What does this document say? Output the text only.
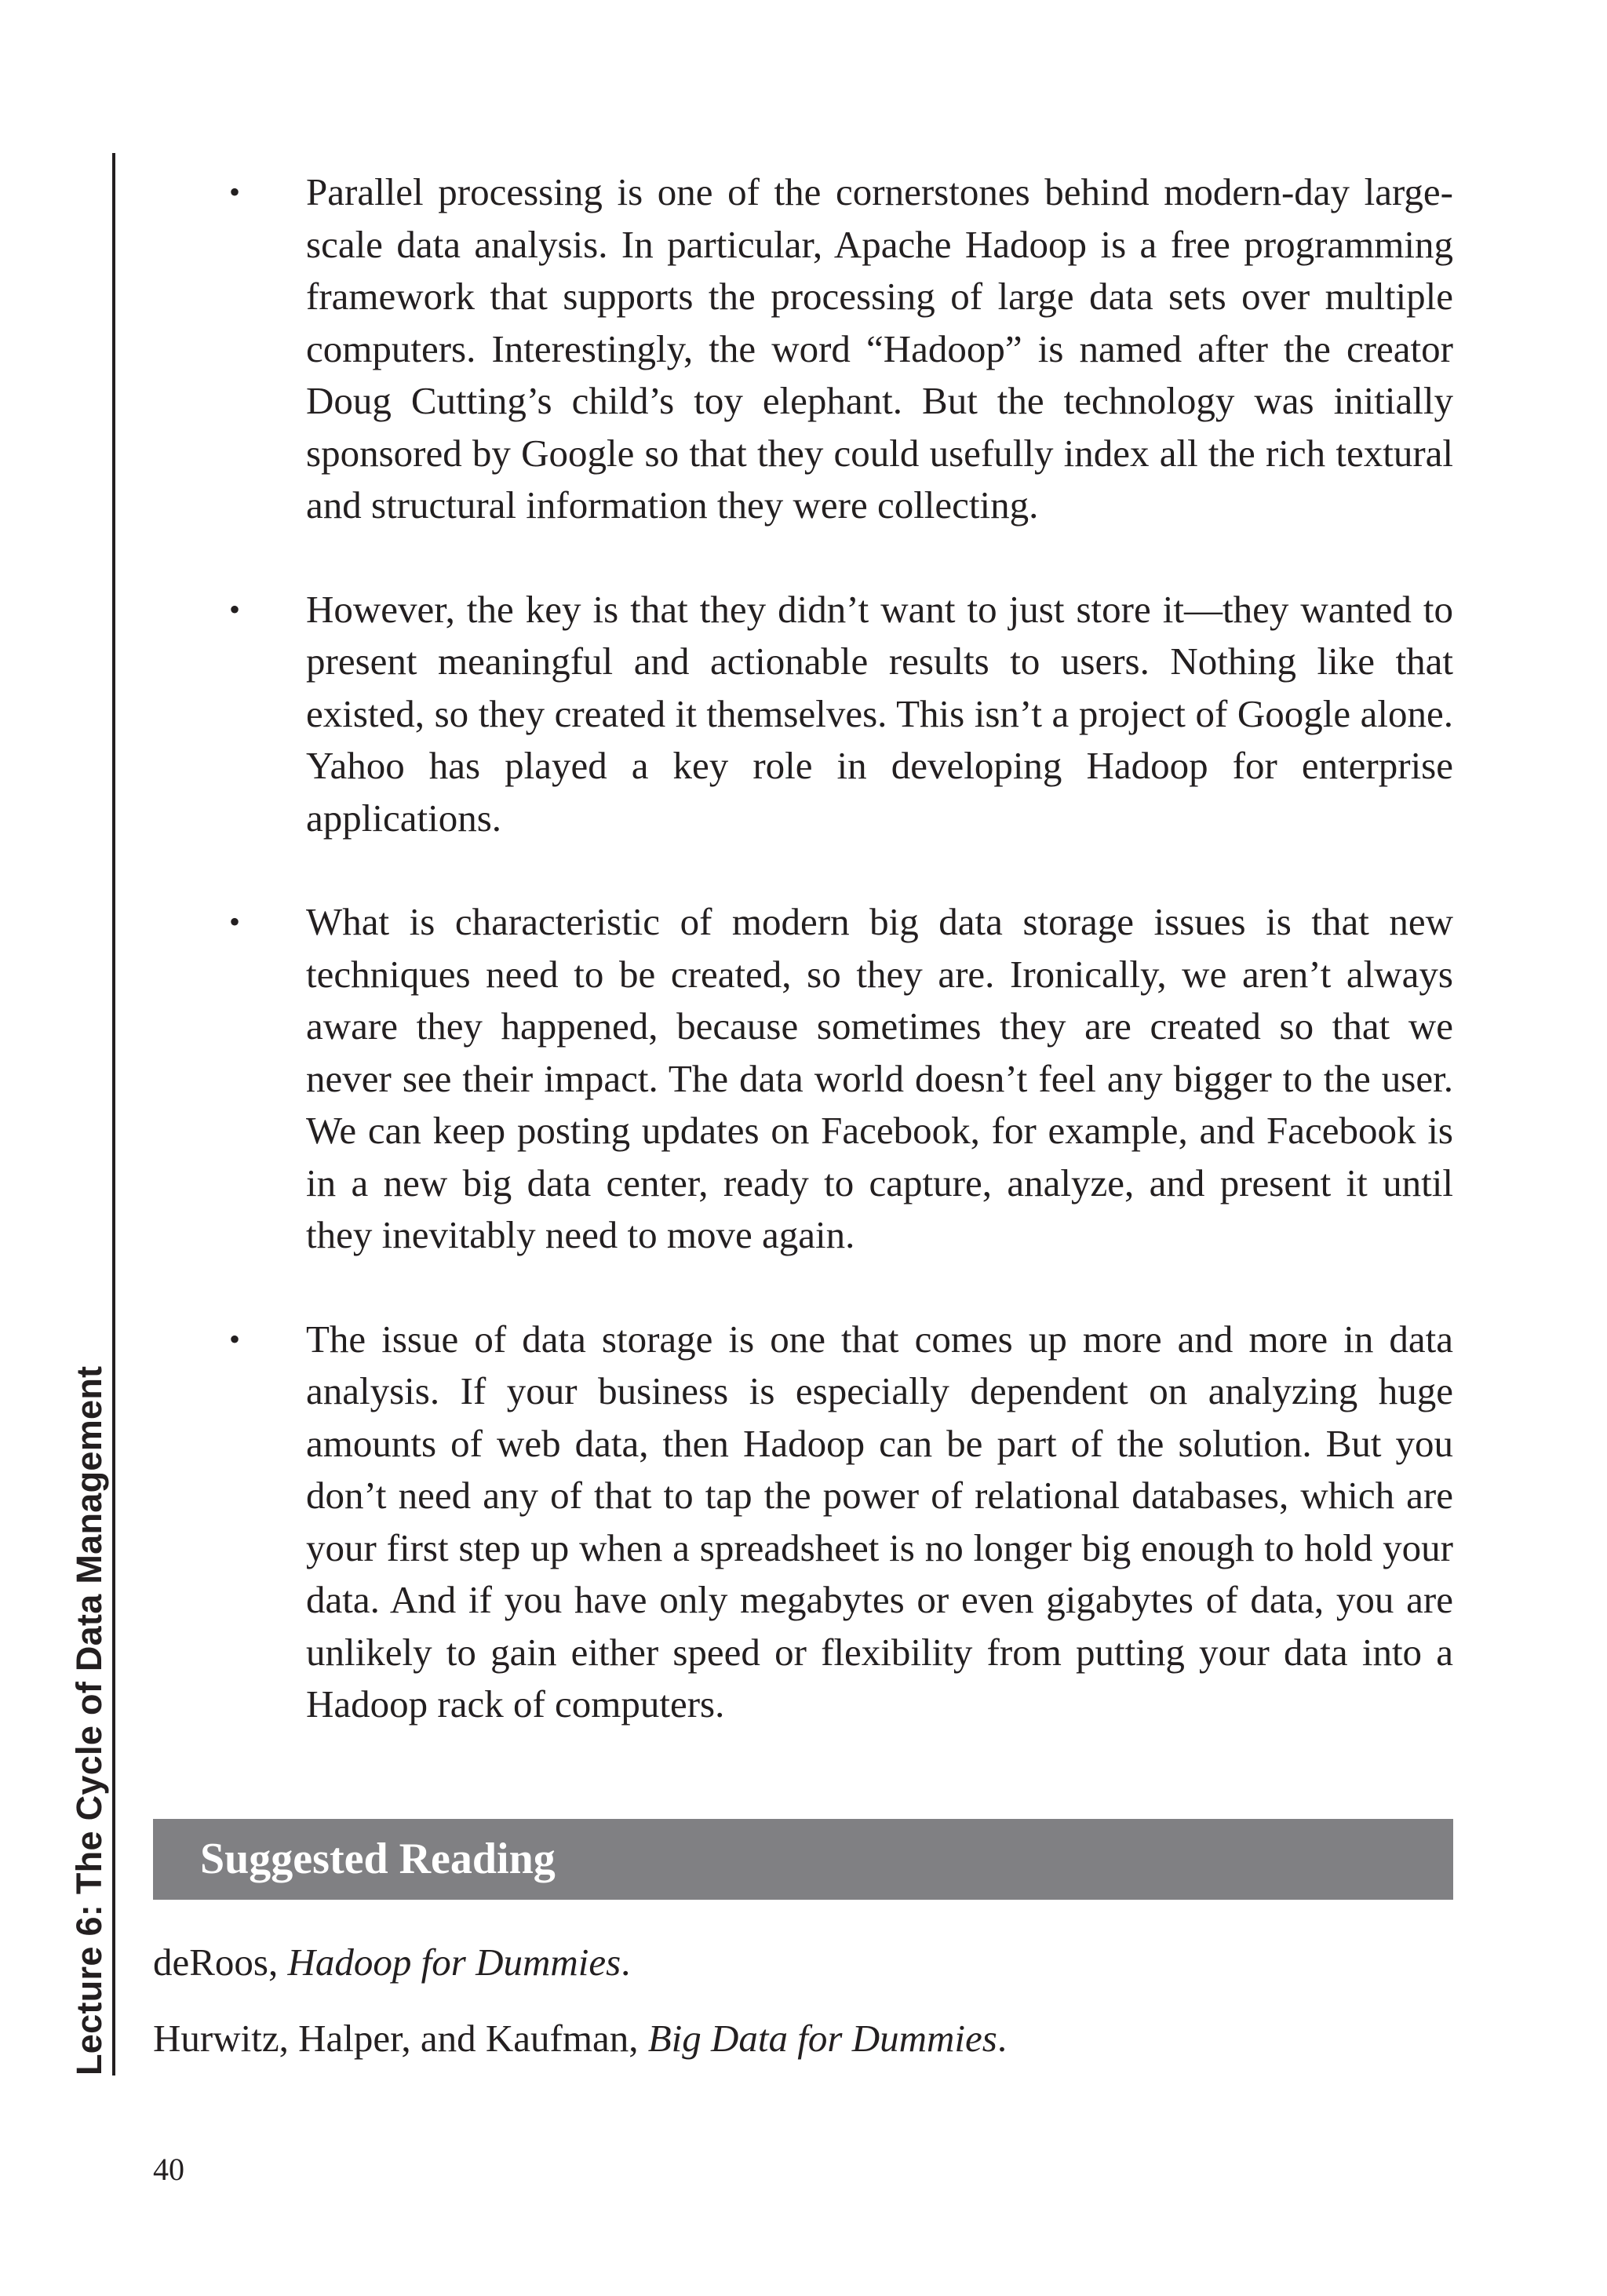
Lecture 6: The Cycle of Data Management
•	Parallel processing is one of the cornerstones behind modern-day large-scale data analysis. In particular, Apache Hadoop is a free programming framework that supports the processing of large data sets over multiple computers. Interestingly, the word “Hadoop” is named after the creator Doug Cutting’s child’s toy elephant. But the technology was initially sponsored by Google so that they could usefully index all the rich textural and structural information they were collecting.
•	However, the key is that they didn’t want to just store it—they wanted to present meaningful and actionable results to users. Nothing like that existed, so they created it themselves. This isn’t a project of Google alone. Yahoo has played a key role in developing Hadoop for enterprise applications.
•	What is characteristic of modern big data storage issues is that new techniques need to be created, so they are. Ironically, we aren’t always aware they happened, because sometimes they are created so that we never see their impact. The data world doesn’t feel any bigger to the user. We can keep posting updates on Facebook, for example, and Facebook is in a new big data center, ready to capture, analyze, and present it until they inevitably need to move again.
•	The issue of data storage is one that comes up more and more in data analysis. If your business is especially dependent on analyzing huge amounts of web data, then Hadoop can be part of the solution. But you don’t need any of that to tap the power of relational databases, which are your first step up when a spreadsheet is no longer big enough to hold your data. And if you have only megabytes or even gigabytes of data, you are unlikely to gain either speed or flexibility from putting your data into a Hadoop rack of computers.
Suggested Reading
deRoos, Hadoop for Dummies.
Hurwitz, Halper, and Kaufman, Big Data for Dummies.
40
